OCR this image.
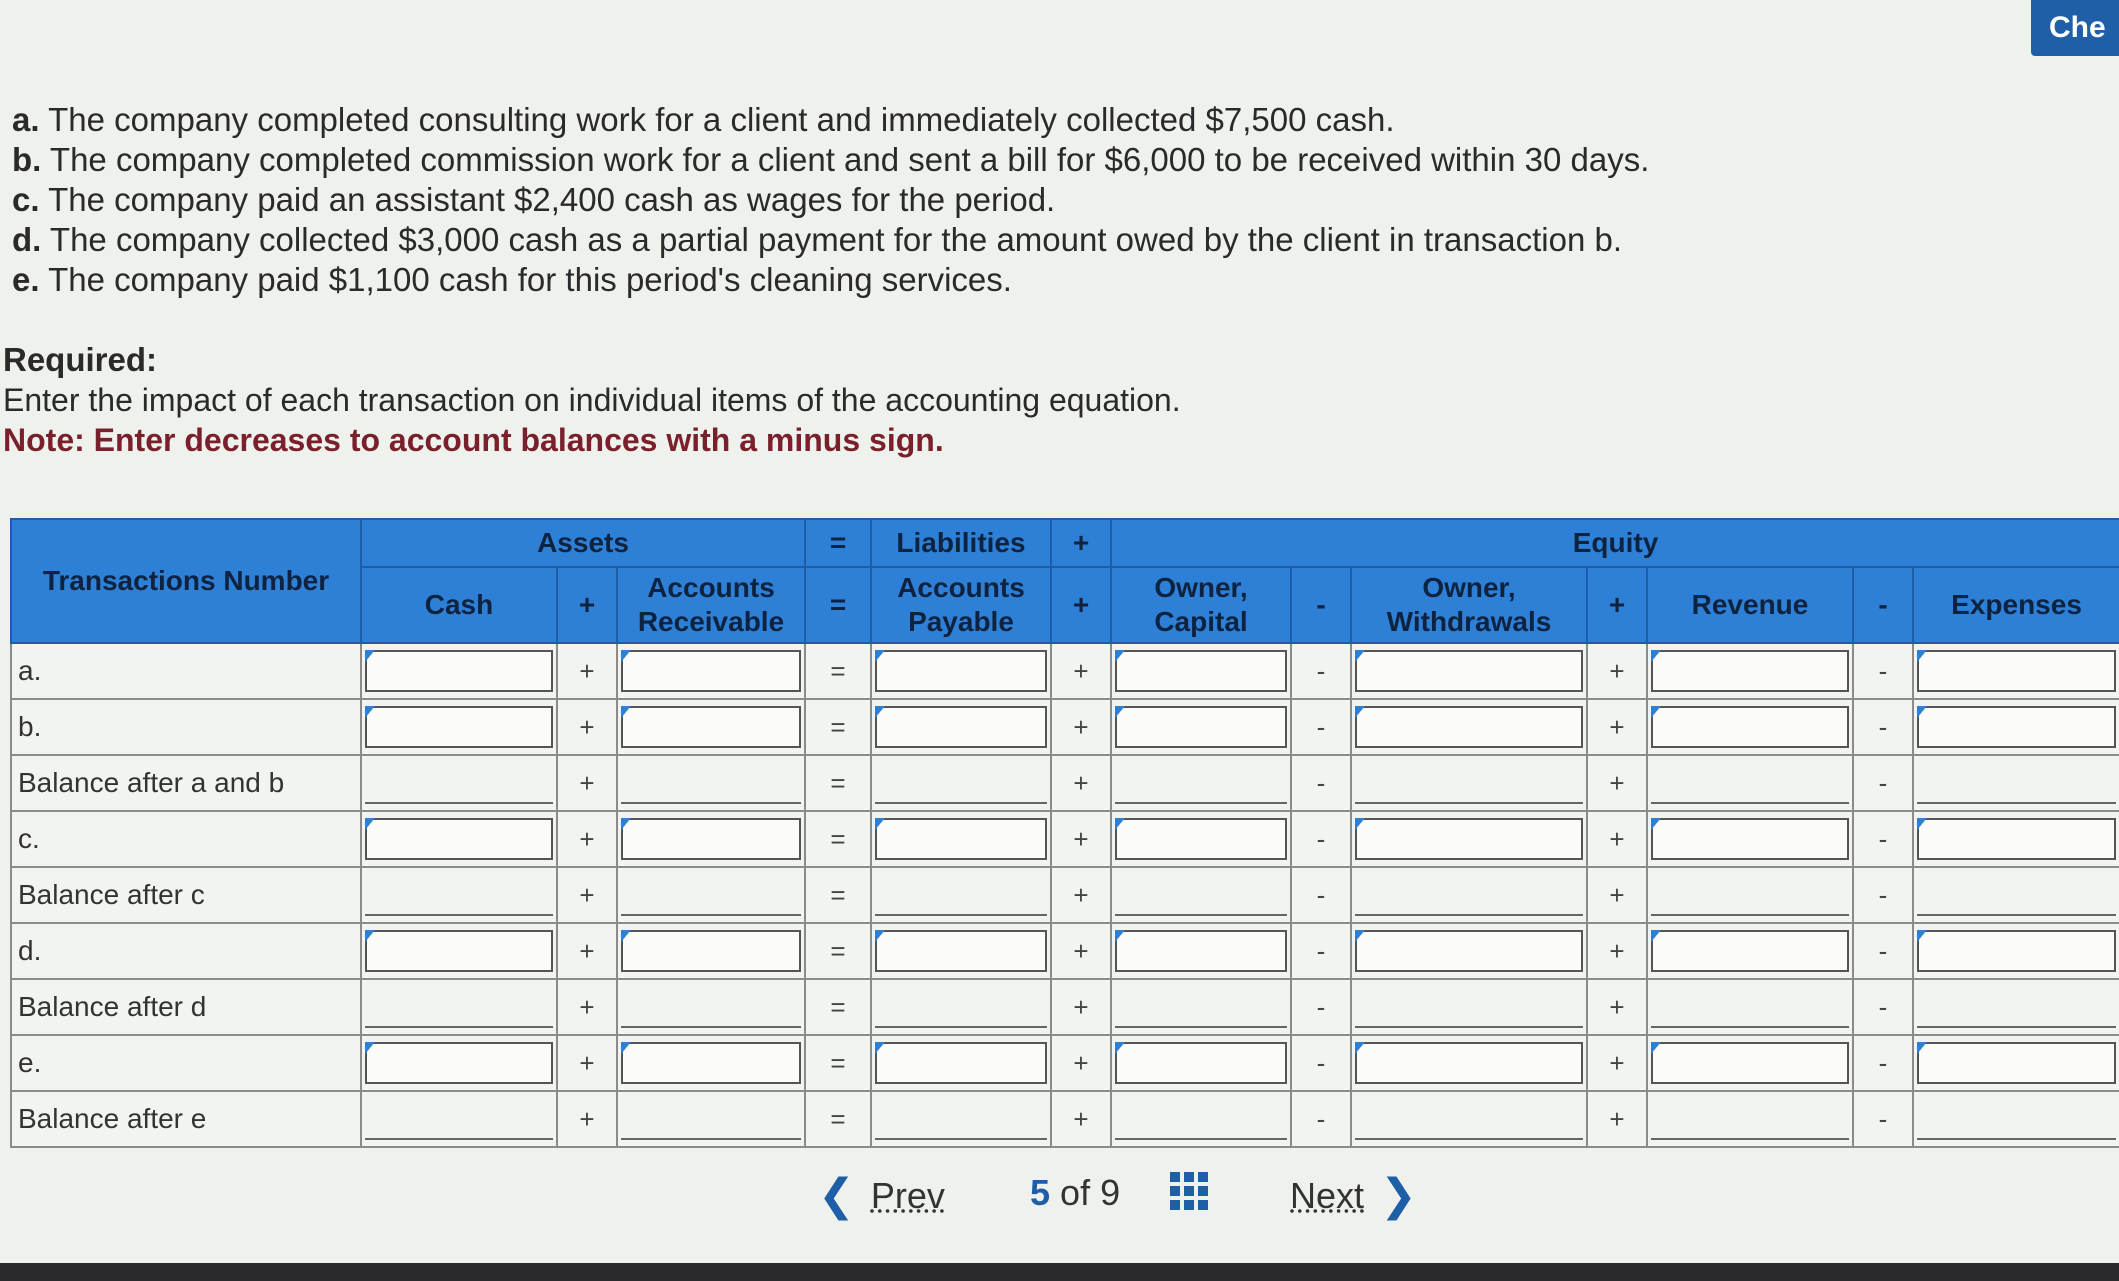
Che
a. The company completed consulting work for a client and immediately collected $7,500 cash.
b. The company completed commission work for a client and sent a bill for $6,000 to be received within 30 days.
c. The company paid an assistant $2,400 cash as wages for the period.
d. The company collected $3,000 cash as a partial payment for the amount owed by the client in transaction b.
e. The company paid $1,100 cash for this period's cleaning services.
Required:
Enter the impact of each transaction on individual items of the accounting equation.
Note: Enter decreases to account balances with a minus sign.
Transactions Number	Assets			=	Liabilities	+	Equity						
	Cash	+	Accounts Receivable	=	Accounts Payable	+	Owner, Capital	-	Owner, Withdrawals	+	Revenue	-	Expenses
a.		+		=		+		-		+		-	

b.		+		=		+		-		+		-	

Balance after a and b		+		=		+		-		+		-	

c.		+		=		+		-		+		-	

Balance after c		+		=		+		-		+		-	

d.		+		=		+		-		+		-	

Balance after d		+		=		+		-		+		-	

e.		+		=		+		-		+		-	

Balance after e		+		=		+		-		+		-	
❮ Prev 5 of 9	Next ❯
